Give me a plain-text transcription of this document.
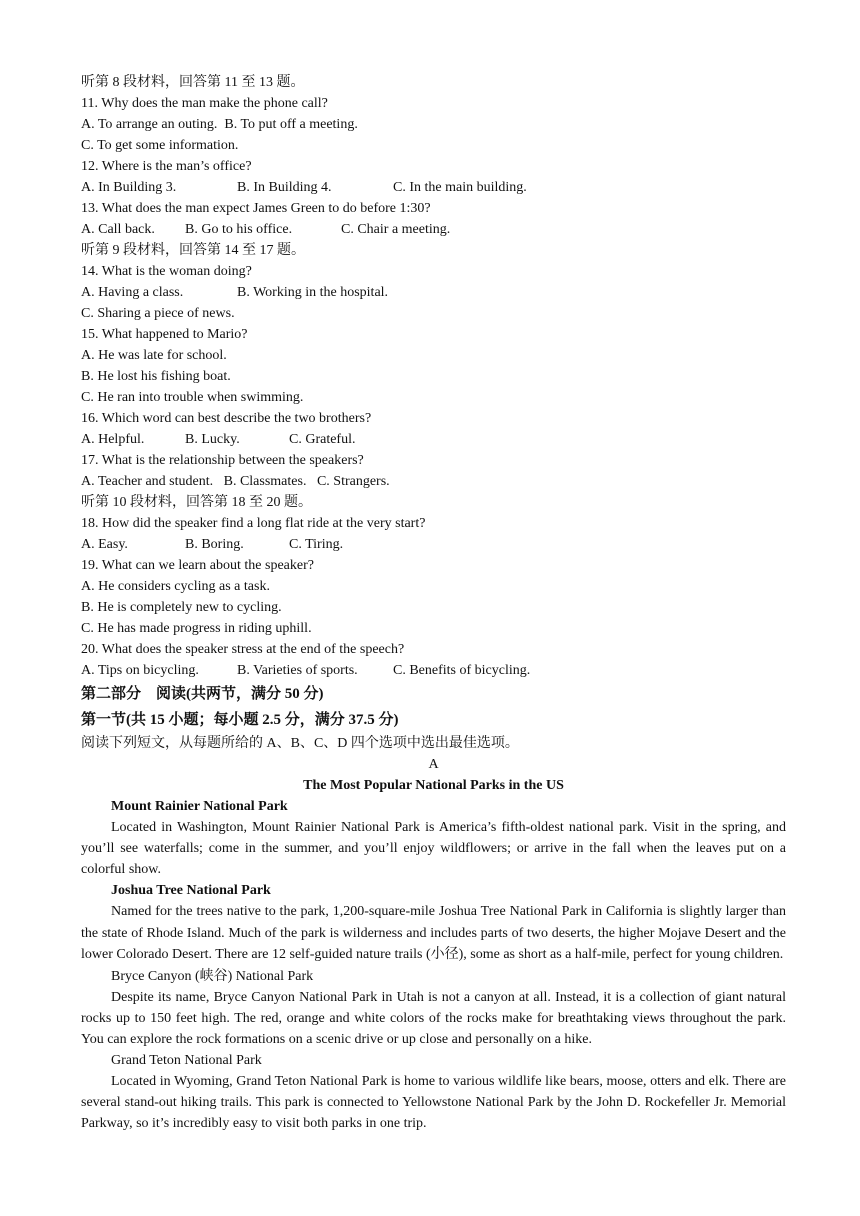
听第 8 段材料，回答第 11 至 13 题。
11. Why does the man make the phone call?
A. To arrange an outing. B. To put off a meeting.
C. To get some information.
12. Where is the man’s office?
A. In Building 3.	B. In Building 4.	C. In the main building.
13. What does the man expect James Green to do before 1:30?
A. Call back. B. Go to his office.	C. Chair a meeting.
听第 9 段材料，回答第 14 至 17 题。
14. What is the woman doing?
A. Having a class.	B. Working in the hospital.
C. Sharing a piece of news.
15. What happened to Mario?
A. He was late for school.
B. He lost his fishing boat.
C. He ran into trouble when swimming.
16. Which word can best describe the two brothers?
A. Helpful.	B. Lucky.	C. Grateful.
17. What is the relationship between the speakers?
A. Teacher and student. B. Classmates. C. Strangers.
听第 10 段材料，回答第 18 至 20 题。
18. How did the speaker find a long flat ride at the very start?
A. Easy.	B. Boring.	C. Tiring.
19. What can we learn about the speaker?
A. He considers cycling as a task.
B. He is completely new to cycling.
C. He has made progress in riding uphill.
20. What does the speaker stress at the end of the speech?
A. Tips on bicycling.	B. Varieties of sports.	C. Benefits of bicycling.
第二部分　阅读(共两节，满分 50 分)
第一节(共 15 小题；每小题 2.5 分，满分 37.5 分)
阅读下列短文，从每题所给的 A、B、C、D 四个选项中选出最佳选项。
A
The Most Popular National Parks in the US
Mount Rainier National Park

Located in Washington, Mount Rainier National Park is America’s fifth-oldest national park. Visit in the spring, and you’ll see waterfalls; come in the summer, and you’ll enjoy wildflowers; or arrive in the fall when the leaves put on a colorful show.

Joshua Tree National Park

Named for the trees native to the park, 1,200-square-mile Joshua Tree National Park in California is slightly larger than the state of Rhode Island. Much of the park is wilderness and includes parts of two deserts, the higher Mojave Desert and the lower Colorado Desert. There are 12 self-guided nature trails (小径), some as short as a half-mile, perfect for young children.

Bryce Canyon (峡谷) National Park

Despite its name, Bryce Canyon National Park in Utah is not a canyon at all. Instead, it is a collection of giant natural rocks up to 150 feet high. The red, orange and white colors of the rocks make for breathtaking views throughout the park. You can explore the rock formations on a scenic drive or up close and personally on a hike.

Grand Teton National Park

Located in Wyoming, Grand Teton National Park is home to various wildlife like bears, moose, otters and elk. There are several stand-out hiking trails. This park is connected to Yellowstone National Park by the John D. Rockefeller Jr. Memorial Parkway, so it’s incredibly easy to visit both parks in one trip.
